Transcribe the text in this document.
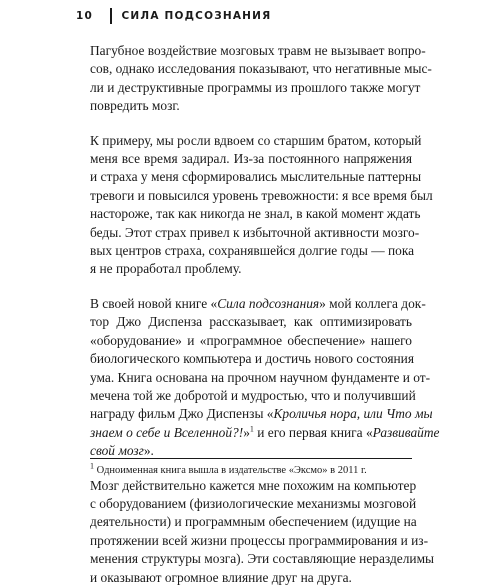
10	СИЛА ПОДСОЗНАНИЯ

Пагубное воздействие мозговых травм не вызывает вопро-
сов, однако исследования показывают, что негативные мыс-
ли и деструктивные программы из прошлого также могут
повредить мозг.

К примеру, мы росли вдвоем со старшим братом, который
меня все время задирал. Из-за постоянного напряжения
и страха у меня сформировались мыслительные паттерны
тревоги и повысился уровень тревожности: я все время был
настороже, так как никогда не знал, в какой момент ждать
беды. Этот страх привел к избыточной активности мозго-
вых центров страха, сохранявшейся долгие годы — пока
я не проработал проблему.

В своей новой книге «Сила подсознания» мой коллега док-
тор Джо Диспенза рассказывает, как оптимизировать
«оборудование» и «программное обеспечение» нашего
биологического компьютера и достичь нового состояния
ума. Книга основана на прочном научном фундаменте и от-
мечена той же добротой и мудростью, что и получивший
награду фильм Джо Диспензы «Кроличья нора, или Что мы
знаем о себе и Вселенной?!»$^1$ и его первая книга «Развивайте
свой мозг».

Мозг действительно кажется мне похожим на компьютер
с оборудованием (физиологические механизмы мозговой
деятельности) и программным обеспечением (идущие на
протяжении всей жизни процессы программирования и из-
менения структуры мозга). Эти составляющие неразделимы
и оказывают огромное влияние друг на друга.

$^1$ Одноименная книга вышла в издательстве «Эксмо» в 2011 г.
